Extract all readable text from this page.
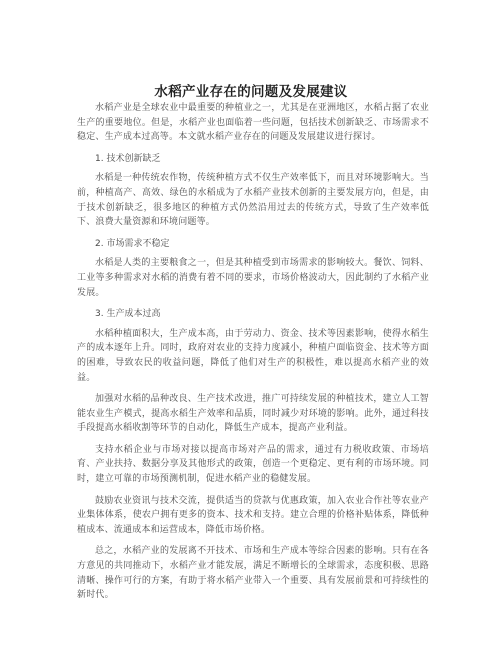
水稻产业存在的问题及发展建议

水稻产业是全球农业中最重要的种植业之一，尤其是在亚洲地区，水稻占据了农业生产的重要地位。但是，水稻产业也面临着一些问题，包括技术创新缺乏、市场需求不稳定、生产成本过高等。本文就水稻产业存在的问题及发展建议进行探讨。

1. 技术创新缺乏

水稻是一种传统农作物，传统种植方式不仅生产效率低下，而且对环境影响大。当前，种植高产、高效、绿色的水稻成为了水稻产业技术创新的主要发展方向，但是，由于技术创新缺乏，很多地区的种植方式仍然沿用过去的传统方式，导致了生产效率低下、浪费大量资源和环境问题等。

2. 市场需求不稳定

水稻是人类的主要粮食之一，但是其种植受到市场需求的影响较大。餐饮、饲料、工业等多种需求对水稻的消费有着不同的要求，市场价格波动大，因此制约了水稻产业发展。

3. 生产成本过高

水稻种植面积大，生产成本高，由于劳动力、资金、技术等因素影响，使得水稻生产的成本逐年上升。同时，政府对农业的支持力度减小，种植户面临资金、技术等方面的困难，导致农民的收益问题，降低了他们对生产的积极性，难以提高水稻产业的效益。

加强对水稻的品种改良、生产技术改进，推广可持续发展的种植技术，建立人工智能农业生产模式，提高水稻生产效率和品质，同时减少对环境的影响。此外，通过科技手段提高水稻收割等环节的自动化，降低生产成本，提高产业利益。

支持水稻企业与市场对接以提高市场对产品的需求，通过有力税收政策、市场培育、产业扶持、数据分享及其他形式的政策，创造一个更稳定、更有利的市场环境。同时，建立可靠的市场预测机制，促进水稻产业的稳健发展。

鼓励农业资讯与技术交流，提供适当的贷款与优惠政策，加入农业合作社等农业产业集体体系，使农户拥有更多的资本、技术和支持。建立合理的价格补贴体系，降低种植成本、流通成本和运营成本，降低市场价格。

总之，水稻产业的发展离不开技术、市场和生产成本等综合因素的影响。只有在各方意见的共同推动下，水稻产业才能发展，满足不断增长的全球需求，态度积极、思路清晰、操作可行的方案，有助于将水稻产业带入一个重要、具有发展前景和可持续性的新时代。
